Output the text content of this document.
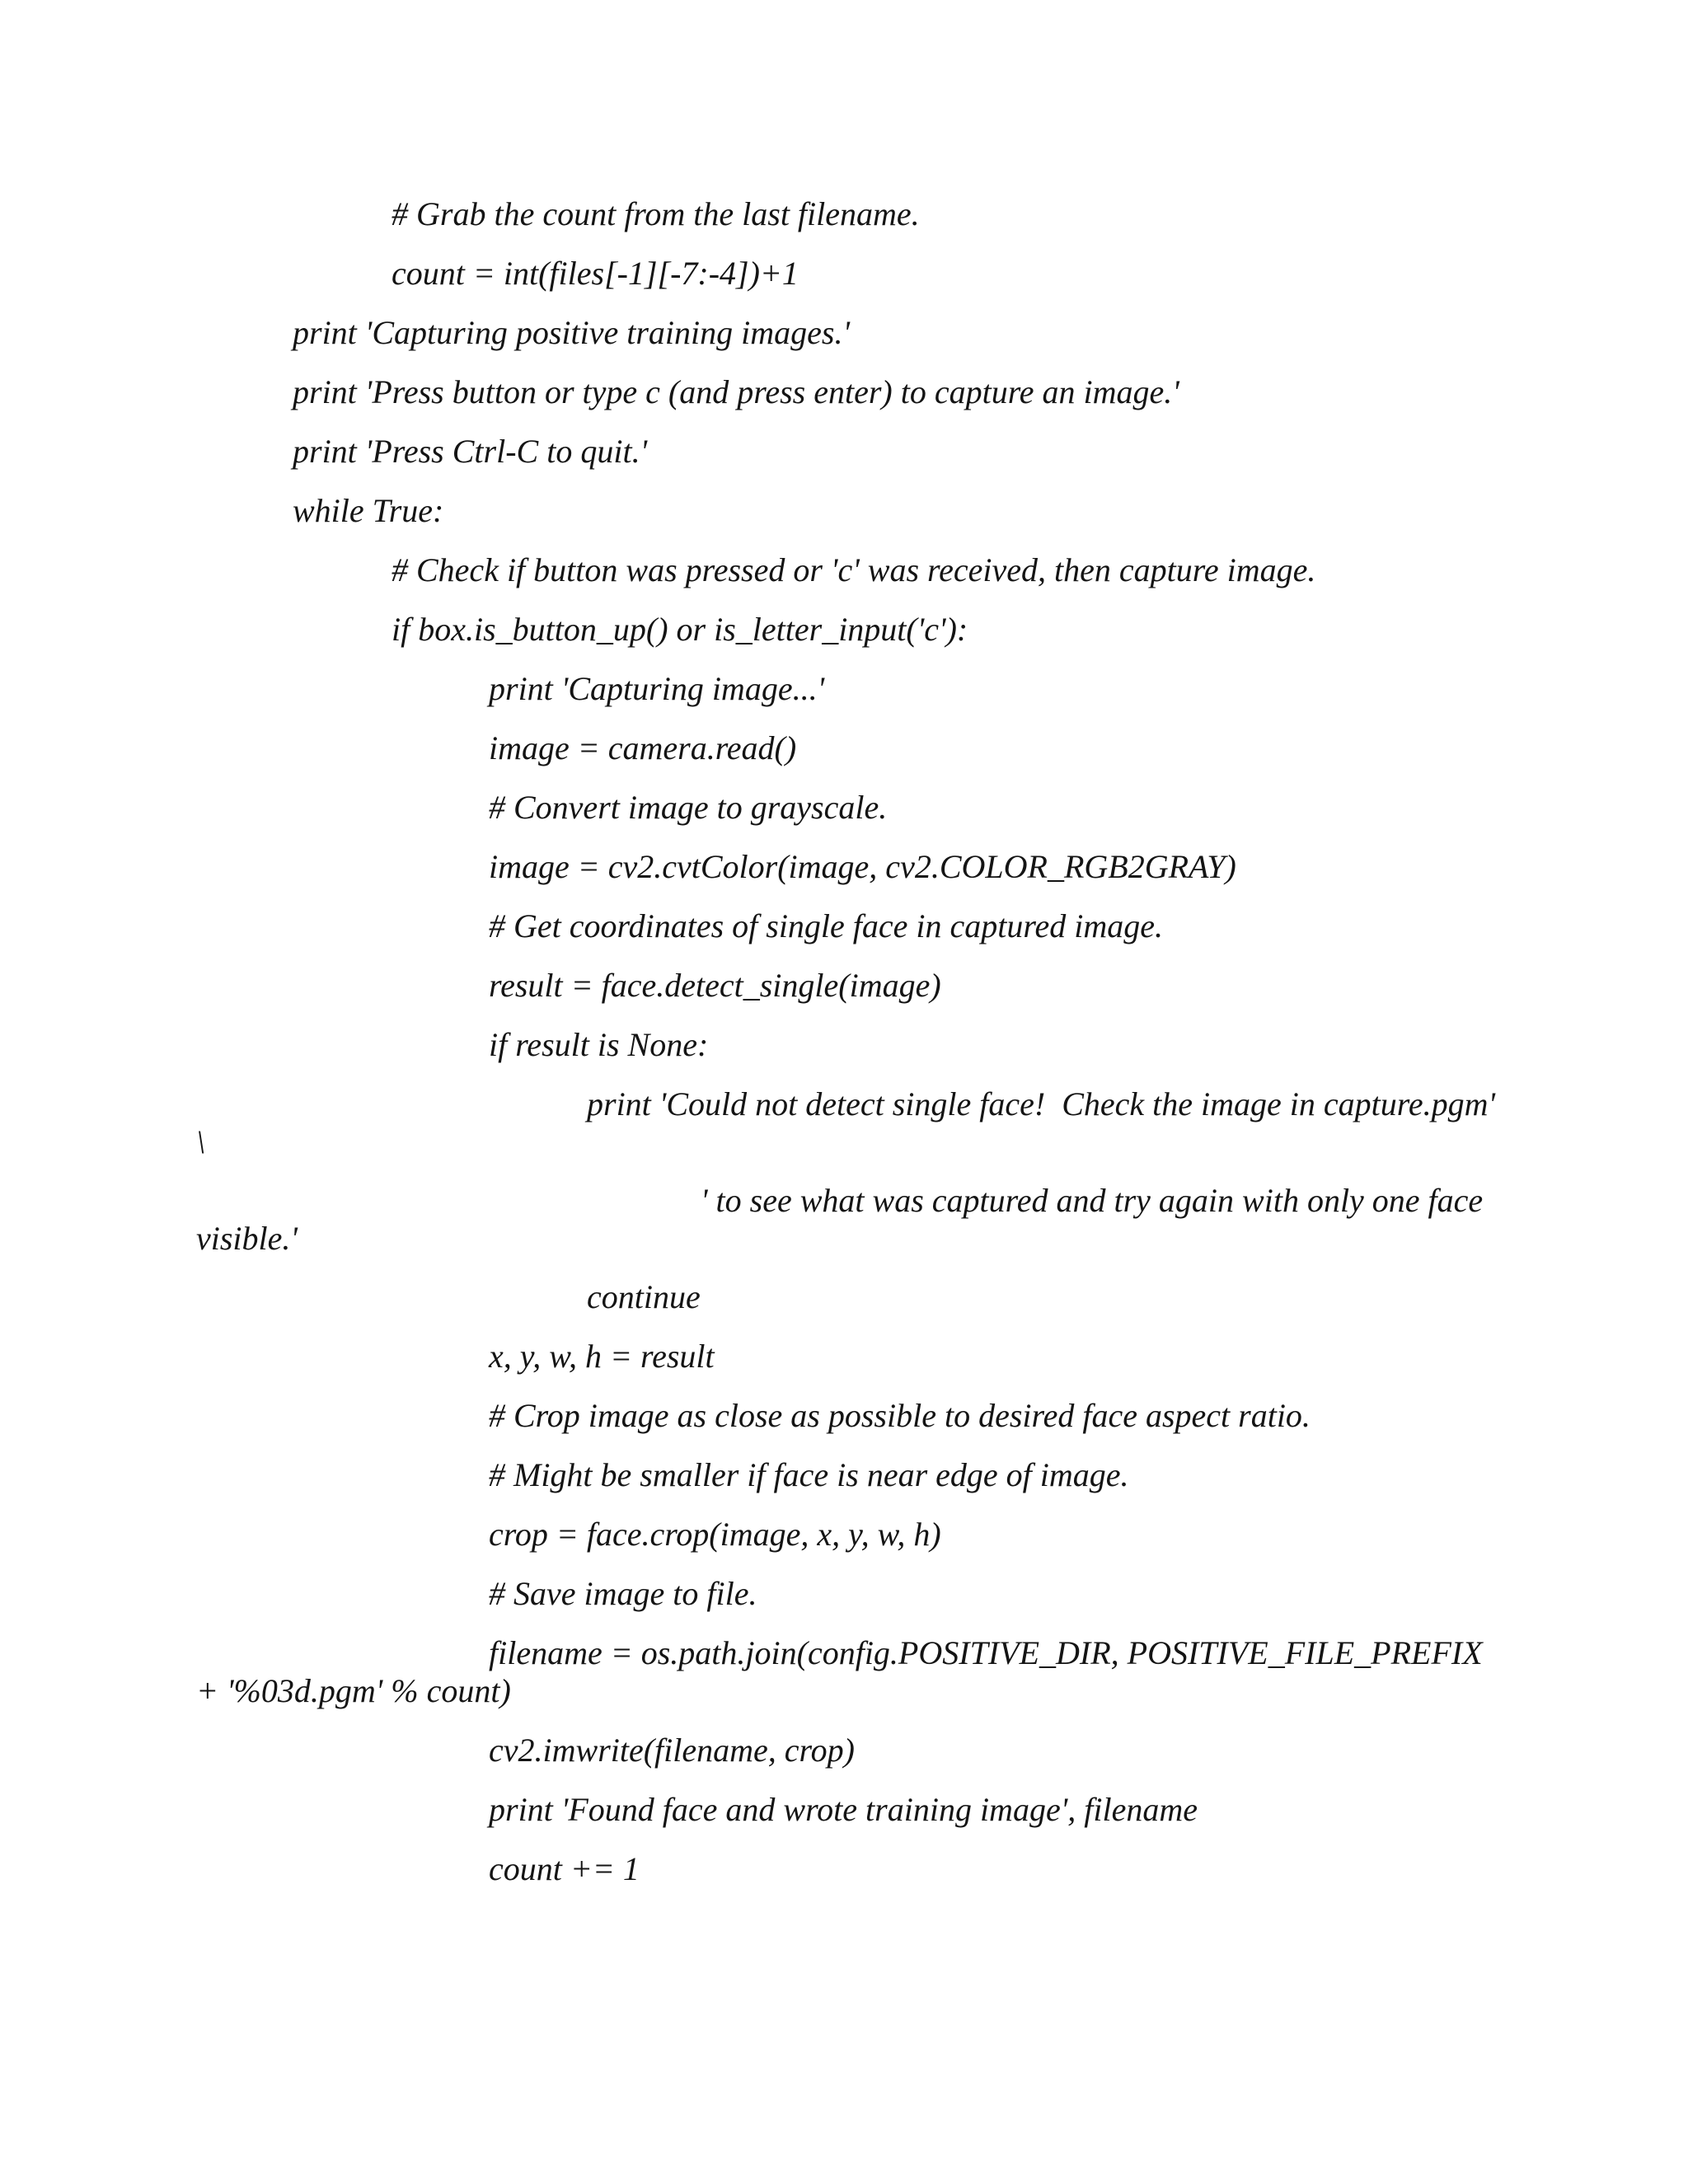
# Grab the count from the last filename.
count = int(files[-1][-7:-4])+1
print 'Capturing positive training images.'
print 'Press button or type c (and press enter) to capture an image.'
print 'Press Ctrl-C to quit.'
while True:
# Check if button was pressed or 'c' was received, then capture image.
if box.is_button_up() or is_letter_input('c'):
print 'Capturing image...'
image = camera.read()
# Convert image to grayscale.
image = cv2.cvtColor(image, cv2.COLOR_RGB2GRAY)
# Get coordinates of single face in captured image.
result = face.detect_single(image)
if result is None:
print 'Could not detect single face!  Check the image in capture.pgm'
\
' to see what was captured and try again with only one face
visible.'
continue
x, y, w, h = result
# Crop image as close as possible to desired face aspect ratio.
# Might be smaller if face is near edge of image.
crop = face.crop(image, x, y, w, h)
# Save image to file.
filename = os.path.join(config.POSITIVE_DIR, POSITIVE_FILE_PREFIX
+ '%03d.pgm' % count)
cv2.imwrite(filename, crop)
print 'Found face and wrote training image', filename
count += 1
